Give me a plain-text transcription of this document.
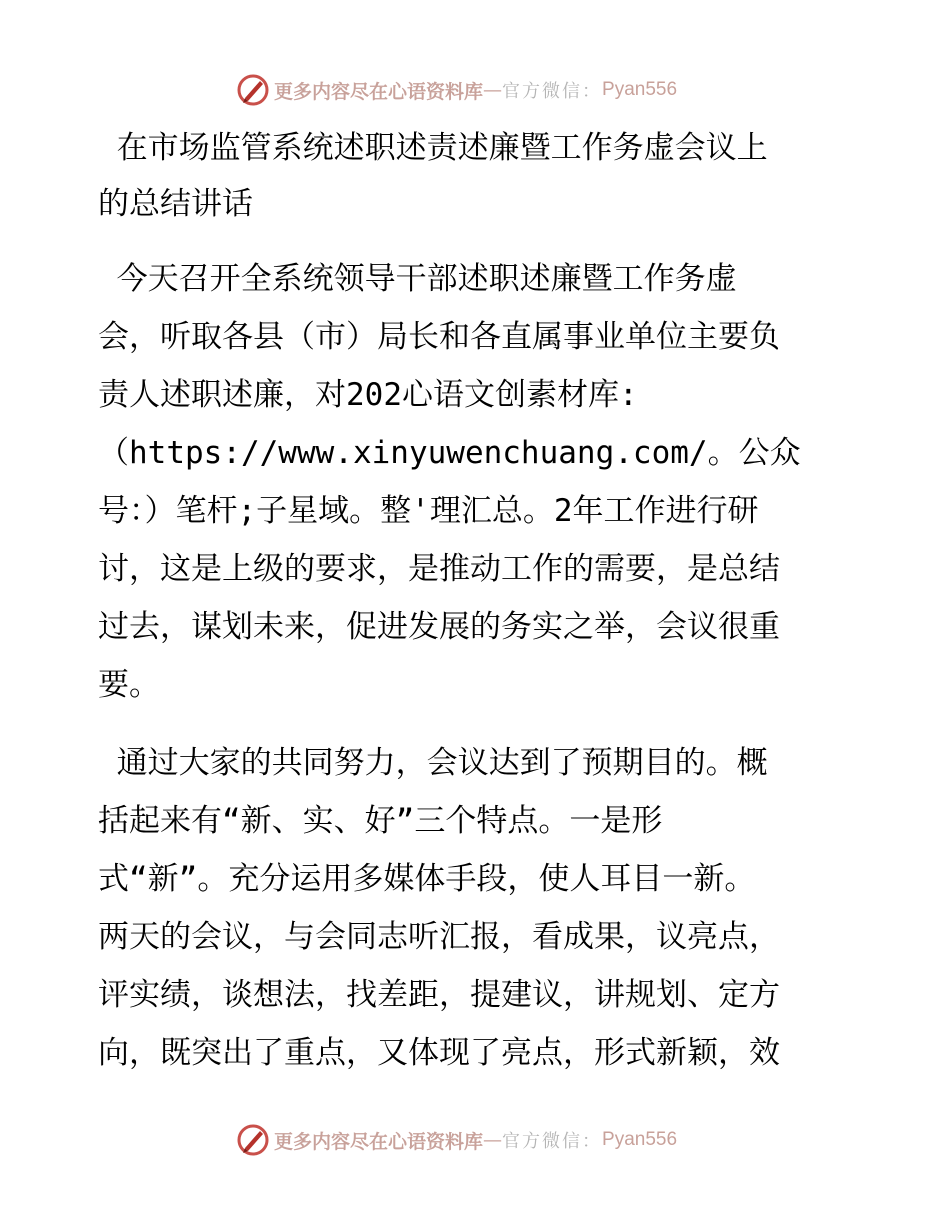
更多内容尽在心语资料库 — 官方微信： Pyan556

在市场监管系统述职述责述廉暨工作务虚会议上

的总结讲话

今天召开全系统领导干部述职述廉暨工作务虚

会，听取各县（市）局长和各直属事业单位主要负

责人述职述廉，对202心语文创素材库:

（https://www.xinyuwenchuang.com/。公众

号：）笔杆;子星域。整'理汇总。2年工作进行研

讨，这是上级的要求，是推动工作的需要，是总结

过去，谋划未来，促进发展的务实之举，会议很重

要。

通过大家的共同努力，会议达到了预期目的。概

括起来有“新、实、好”三个特点。一是形

式“新”。充分运用多媒体手段，使人耳目一新。

两天的会议，与会同志听汇报，看成果，议亮点，

评实绩，谈想法，找差距，提建议，讲规划、定方

向，既突出了重点，又体现了亮点，形式新颖，效

更多内容尽在心语资料库 — 官方微信： Pyan556
